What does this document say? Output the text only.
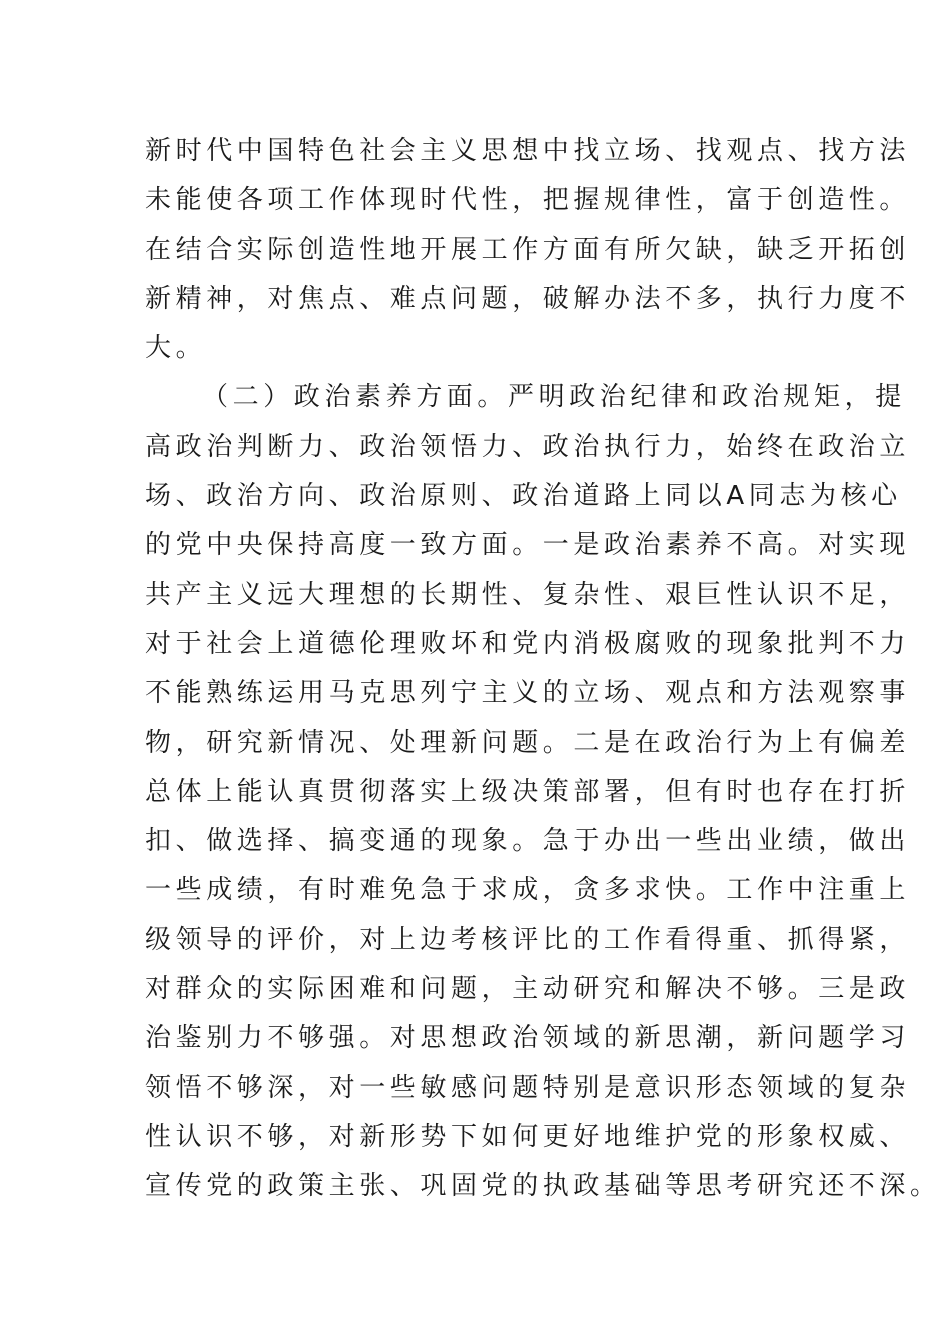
新时代中国特色社会主义思想中找立场、找观点、找方法
未能使各项工作体现时代性，把握规律性，富于创造性。
在结合实际创造性地开展工作方面有所欠缺，缺乏开拓创
新精神，对焦点、难点问题，破解办法不多，执行力度不
大。
（二）政治素养方面。严明政治纪律和政治规矩，提
高政治判断力、政治领悟力、政治执行力，始终在政治立
场、政治方向、政治原则、政治道路上同以A同志为核心
的党中央保持高度一致方面。一是政治素养不高。对实现
共产主义远大理想的长期性、复杂性、艰巨性认识不足，
对于社会上道德伦理败坏和党内消极腐败的现象批判不力
不能熟练运用马克思列宁主义的立场、观点和方法观察事
物，研究新情况、处理新问题。二是在政治行为上有偏差
总体上能认真贯彻落实上级决策部署，但有时也存在打折
扣、做选择、搞变通的现象。急于办出一些出业绩，做出
一些成绩，有时难免急于求成，贪多求快。工作中注重上
级领导的评价，对上边考核评比的工作看得重、抓得紧，
对群众的实际困难和问题，主动研究和解决不够。三是政
治鉴别力不够强。对思想政治领域的新思潮，新问题学习
领悟不够深，对一些敏感问题特别是意识形态领域的复杂
性认识不够，对新形势下如何更好地维护党的形象权威、
宣传党的政策主张、巩固党的执政基础等思考研究还不深。
